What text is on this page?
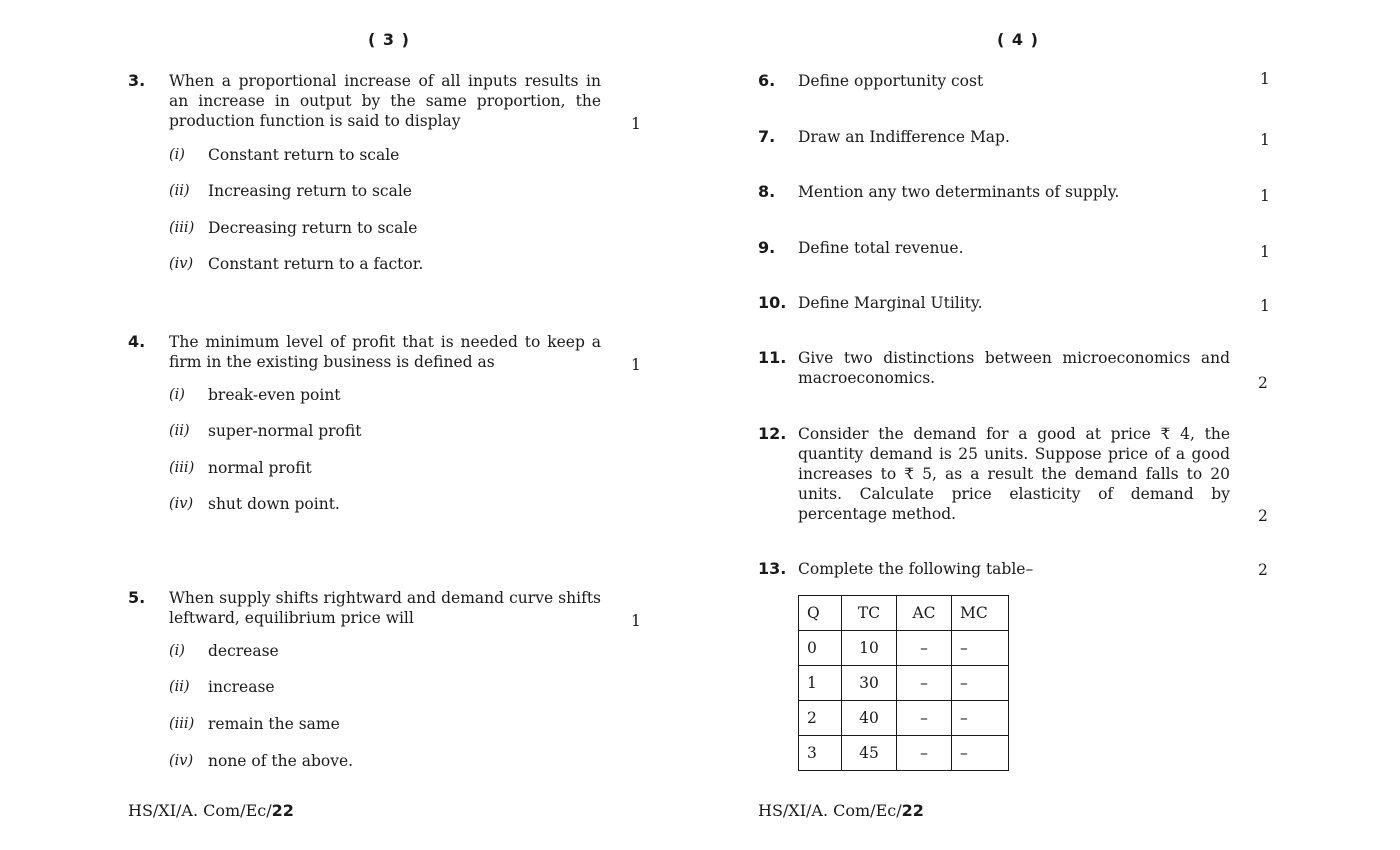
( 3 )
3. When a proportional increase of all inputs results in an increase in output by the same proportion, the production function is said to display	1
(i) Constant return to scale
(ii) Increasing return to scale
(iii) Decreasing return to scale
(iv) Constant return to a factor.
4. The minimum level of profit that is needed to keep a firm in the existing business is defined as	1
(i) break-even point
(ii) super-normal profit
(iii) normal profit
(iv) shut down point.
5. When supply shifts rightward and demand curve shifts leftward, equilibrium price will	1
(i) decrease
(ii) increase
(iii) remain the same
(iv) none of the above.
HS/XI/A. Com/Ec/22
( 4 )
6. Define opportunity cost	1
7. Draw an Indifference Map.	1
8. Mention any two determinants of supply.	1
9. Define total revenue.	1
10. Define Marginal Utility.	1
11. Give two distinctions between microeconomics and macroeconomics.	2
12. Consider the demand for a good at price ₹ 4, the quantity demand is 25 units. Suppose price of a good increases to ₹ 5, as a result the demand falls to 20 units. Calculate price elasticity of demand by percentage method.	2
13. Complete the following table–	2
Q	TC	AC	MC
0	10	–	–
1	30	–	–
2	40	–	–
3	45	–	–
HS/XI/A. Com/Ec/22
